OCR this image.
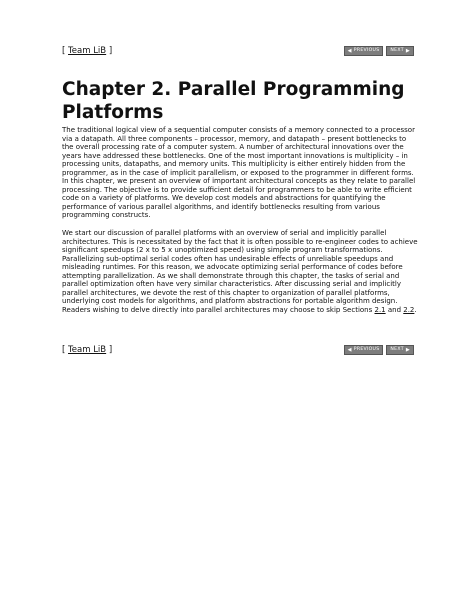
[ Team LiB ]	◀ PREVIOUS NEXT ▶
Chapter 2. Parallel Programming Platforms

The traditional logical view of a sequential computer consists of a memory connected to a processor via a datapath. All three components – processor, memory, and datapath – present bottlenecks to the overall processing rate of a computer system. A number of architectural innovations over the years have addressed these bottlenecks. One of the most important innovations is multiplicity – in processing units, datapaths, and memory units. This multiplicity is either entirely hidden from the programmer, as in the case of implicit parallelism, or exposed to the programmer in different forms. In this chapter, we present an overview of important architectural concepts as they relate to parallel processing. The objective is to provide sufficient detail for programmers to be able to write efficient code on a variety of platforms. We develop cost models and abstractions for quantifying the performance of various parallel algorithms, and identify bottlenecks resulting from various programming constructs.

We start our discussion of parallel platforms with an overview of serial and implicitly parallel architectures. This is necessitated by the fact that it is often possible to re-engineer codes to achieve significant speedups (2 x to 5 x unoptimized speed) using simple program transformations. Parallelizing sub-optimal serial codes often has undesirable effects of unreliable speedups and misleading runtimes. For this reason, we advocate optimizing serial performance of codes before attempting parallelization. As we shall demonstrate through this chapter, the tasks of serial and parallel optimization often have very similar characteristics. After discussing serial and implicitly parallel architectures, we devote the rest of this chapter to organization of parallel platforms, underlying cost models for algorithms, and platform abstractions for portable algorithm design. Readers wishing to delve directly into parallel architectures may choose to skip Sections 2.1 and 2.2.

[ Team LiB ]	◀ PREVIOUS NEXT ▶
